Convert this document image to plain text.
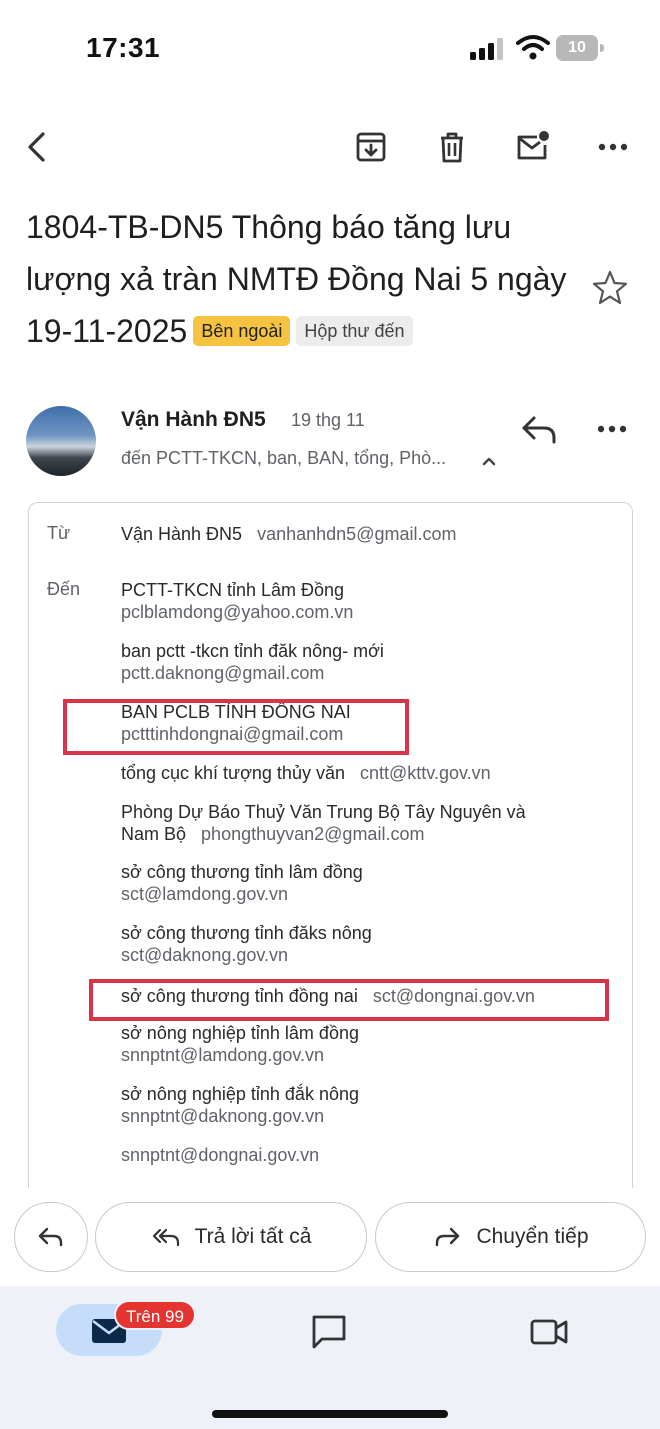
17:31	10
1804-TB-DN5 Thông báo tăng lưu lượng xả tràn NMTĐ Đồng Nai 5 ngày 19-11-2025 Bên ngoài Hộp thư đến
Vận Hành ĐN5 19 thg 11
đến PCTT-TKCN, ban, BAN, tổng, Phò...
Từ	Vận Hành ĐN5 vanhanhdn5@gmail.com
Đến PCTT-TKCN tỉnh Lâm Đồng
pclblamdong@yahoo.com.vn
ban pctt -tkcn tỉnh đăk nông- mới
pctt.daknong@gmail.com
BAN PCLB TỈNH ĐỒNG NAI
pctttinhdongnai@gmail.com
tổng cục khí tượng thủy văn cntt@kttv.gov.vn
Phòng Dự Báo Thuỷ Văn Trung Bộ Tây Nguyên và
Nam Bộ phongthuyvan2@gmail.com
sở công thương tỉnh lâm đồng
sct@lamdong.gov.vn
sở công thương tỉnh đăks nông
sct@daknong.gov.vn
sở công thương tỉnh đồng nai sct@dongnai.gov.vn
sở nông nghiệp tỉnh lâm đồng
snnptnt@lamdong.gov.vn
sở nông nghiệp tỉnh đắk nông
snnptnt@daknong.gov.vn
snnptnt@dongnai.gov.vn
Trả lời tất cả	Chuyển tiếp
Trên 99
